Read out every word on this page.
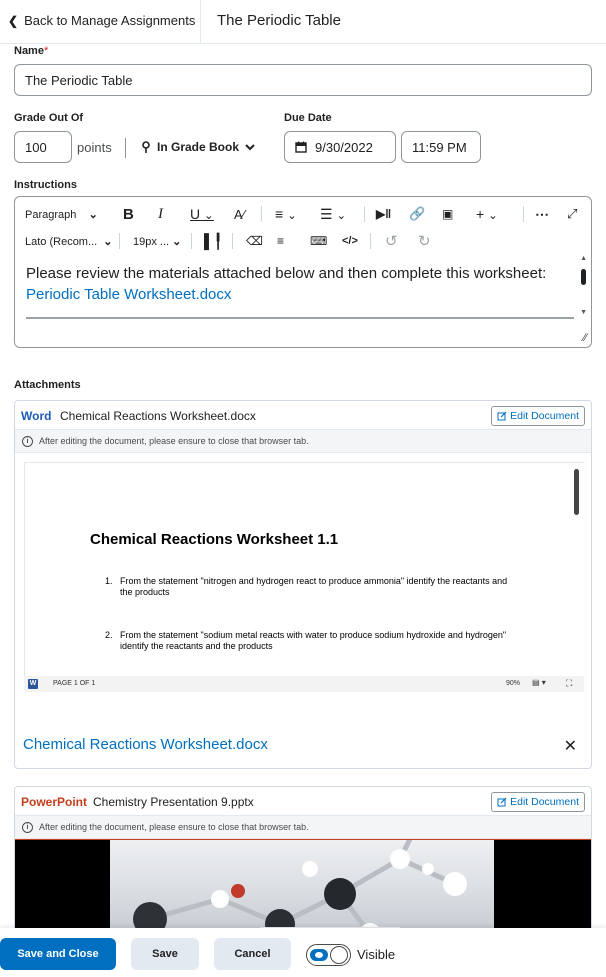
❮ Back to Manage Assignments The Periodic Table
Name*
The Periodic Table
Grade Out Of
100 points	In Grade Book
Due Date
9/30/2022	11:59 PM
Instructions
Paragraph ⌄ B I U ⌄ A⁄ ≡ ⌄ ☰ ⌄ ▶‖ 🔗 ▣ + ⌄	⋯ ⤢
Lato (Recom... ⌄ 19px ... ⌄ ▌╿ ⌫ ≡ ⌨ </> ↺ ↻
Please review the materials attached below and then complete this worksheet:
Periodic Table Worksheet.docx
▲
▼
∕∕
Attachments
Word Chemical Reactions Worksheet.docx	Edit Document
i	After editing the document, please ensure to close that browser tab.
Chemical Reactions Worksheet 1.1
1. From the statement "nitrogen and hydrogen react to produce ammonia" identify the reactants and the products
2. From the statement "sodium metal reacts with water to produce sodium hydroxide and hydrogen" identify the reactants and the products
W PAGE 1 OF 1	90% ▤ ▾ ⛶
Chemical Reactions Worksheet.docx	✕
PowerPoint Chemistry Presentation 9.pptx	Edit Document
i	After editing the document, please ensure to close that browser tab.
Save and Close	Save	Cancel	Visible
